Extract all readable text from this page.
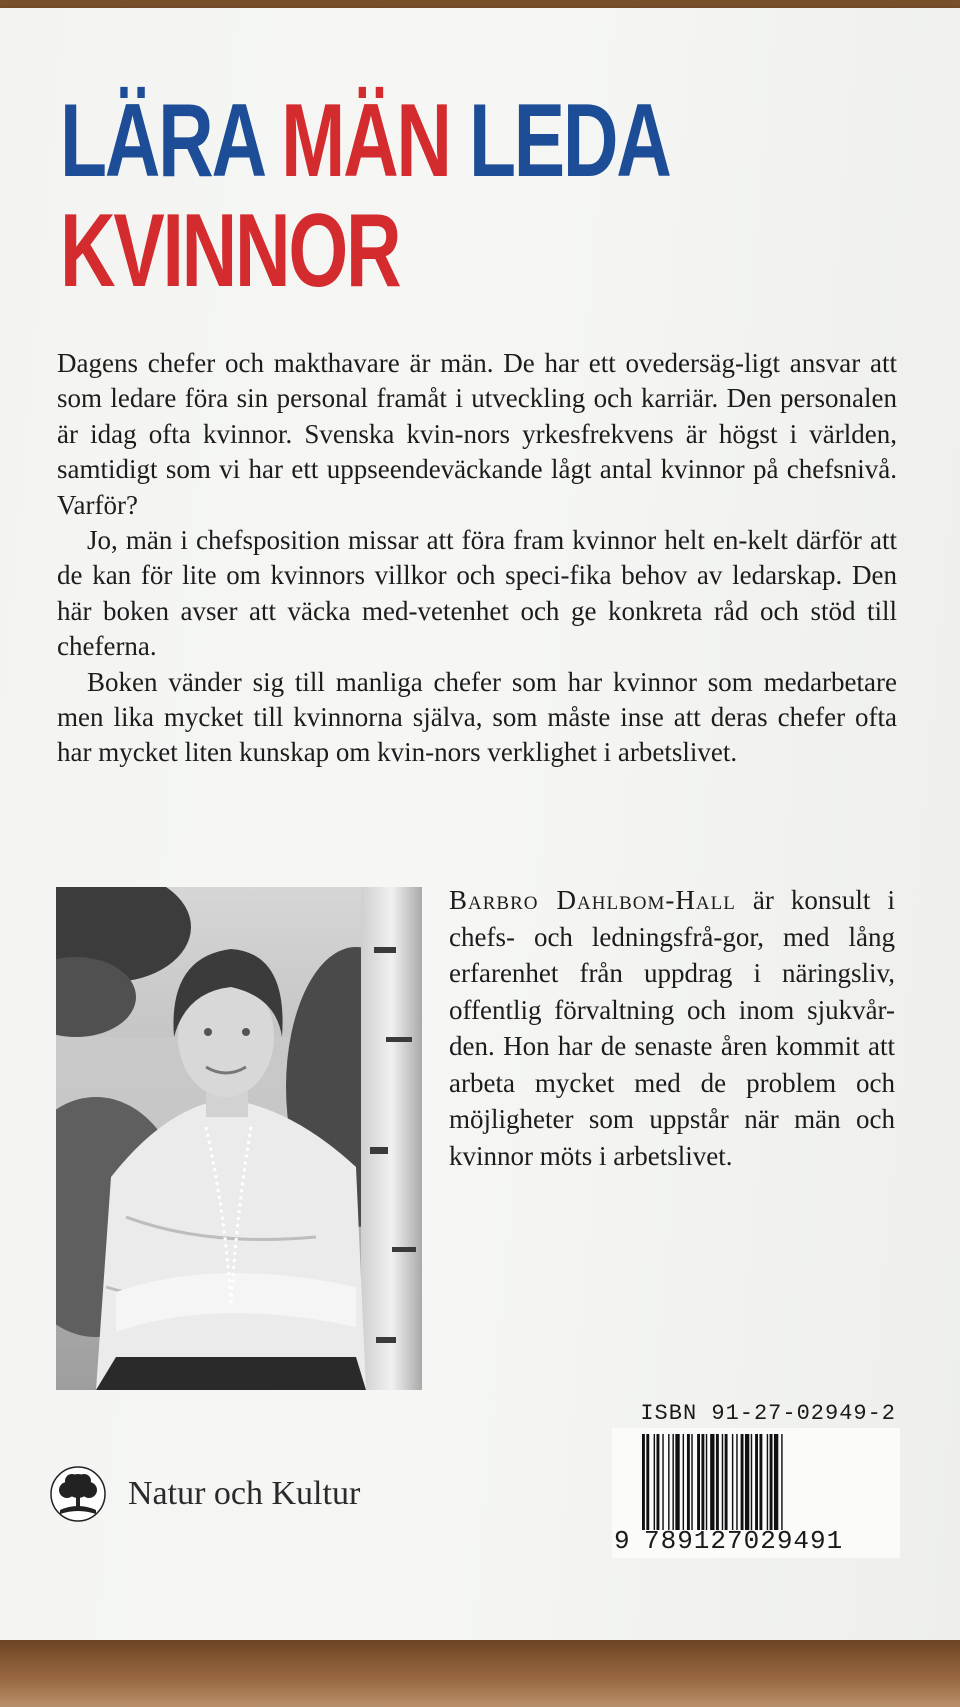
LÄRA MÄN LEDA
KVINNOR

Dagens chefer och makthavare är män. De har ett ovedersäg-ligt ansvar att som ledare föra sin personal framåt i utveckling och karriär. Den personalen är idag ofta kvinnor. Svenska kvin-nors yrkesfrekvens är högst i världen, samtidigt som vi har ett uppseendeväckande lågt antal kvinnor på chefsnivå. Varför?

Jo, män i chefsposition missar att föra fram kvinnor helt en-kelt därför att de kan för lite om kvinnors villkor och speci-fika behov av ledarskap. Den här boken avser att väcka med-vetenhet och ge konkreta råd och stöd till cheferna.

Boken vänder sig till manliga chefer som har kvinnor som medarbetare men lika mycket till kvinnorna själva, som måste inse att deras chefer ofta har mycket liten kunskap om kvin-nors verklighet i arbetslivet.

Barbro Dahlbom-Hall är konsult i chefs- och ledningsfrå-gor, med lång erfarenhet från uppdrag i näringsliv, offentlig förvaltning och inom sjukvår-den. Hon har de senaste åren kommit att arbeta mycket med de problem och möjligheter som uppstår när män och kvinnor möts i arbetslivet.
Natur och Kultur
ISBN 91-27-02949-2
9 789127029491
